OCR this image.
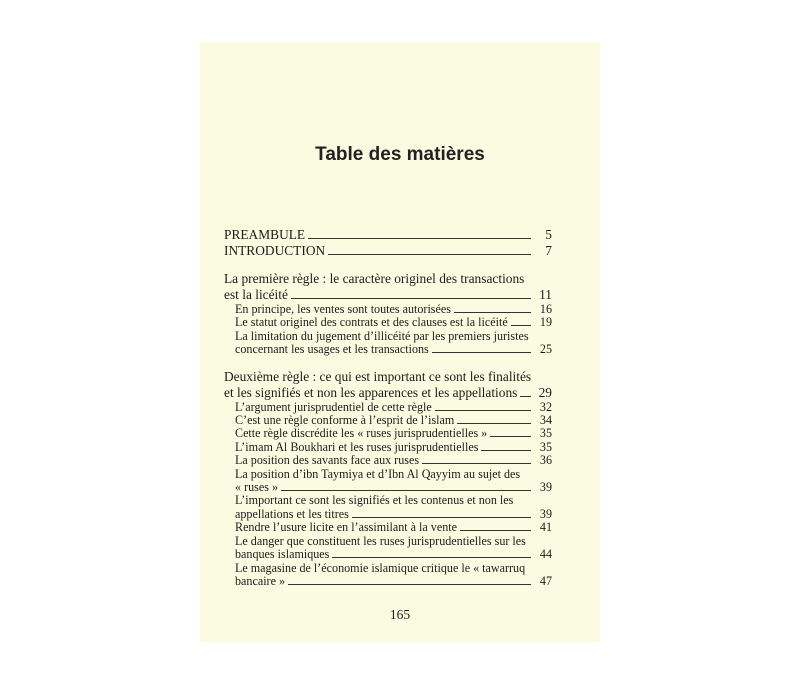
Table des matières
PREAMBULE	5
INTRODUCTION	7
La première règle : le caractère originel des transactions
est la licéité	11
En principe, les ventes sont toutes autorisées	16
Le statut originel des contrats et des clauses est la licéité	19
La limitation du jugement d’illicéité par les premiers juristes
concernant les usages et les transactions	25
Deuxième règle : ce qui est important ce sont les finalités
et les signifiés et non les apparences et les appellations	29
L’argument jurisprudentiel de cette règle	32
C’est une règle conforme à l’esprit de l’islam	34
Cette règle discrédite les « ruses jurisprudentielles »	35
L’imam Al Boukhari et les ruses jurisprudentielles	35
La position des savants face aux ruses	36
La position d’ibn Taymiya et d’Ibn Al Qayyim au sujet des
« ruses »	39
L’important ce sont les signifiés et les contenus et non les
appellations et les titres	39
Rendre l’usure licite en l’assimilant à la vente	41
Le danger que constituent les ruses jurisprudentielles sur les
banques islamiques	44
Le magasine de l’économie islamique critique le « tawarruq
bancaire »	47
165
